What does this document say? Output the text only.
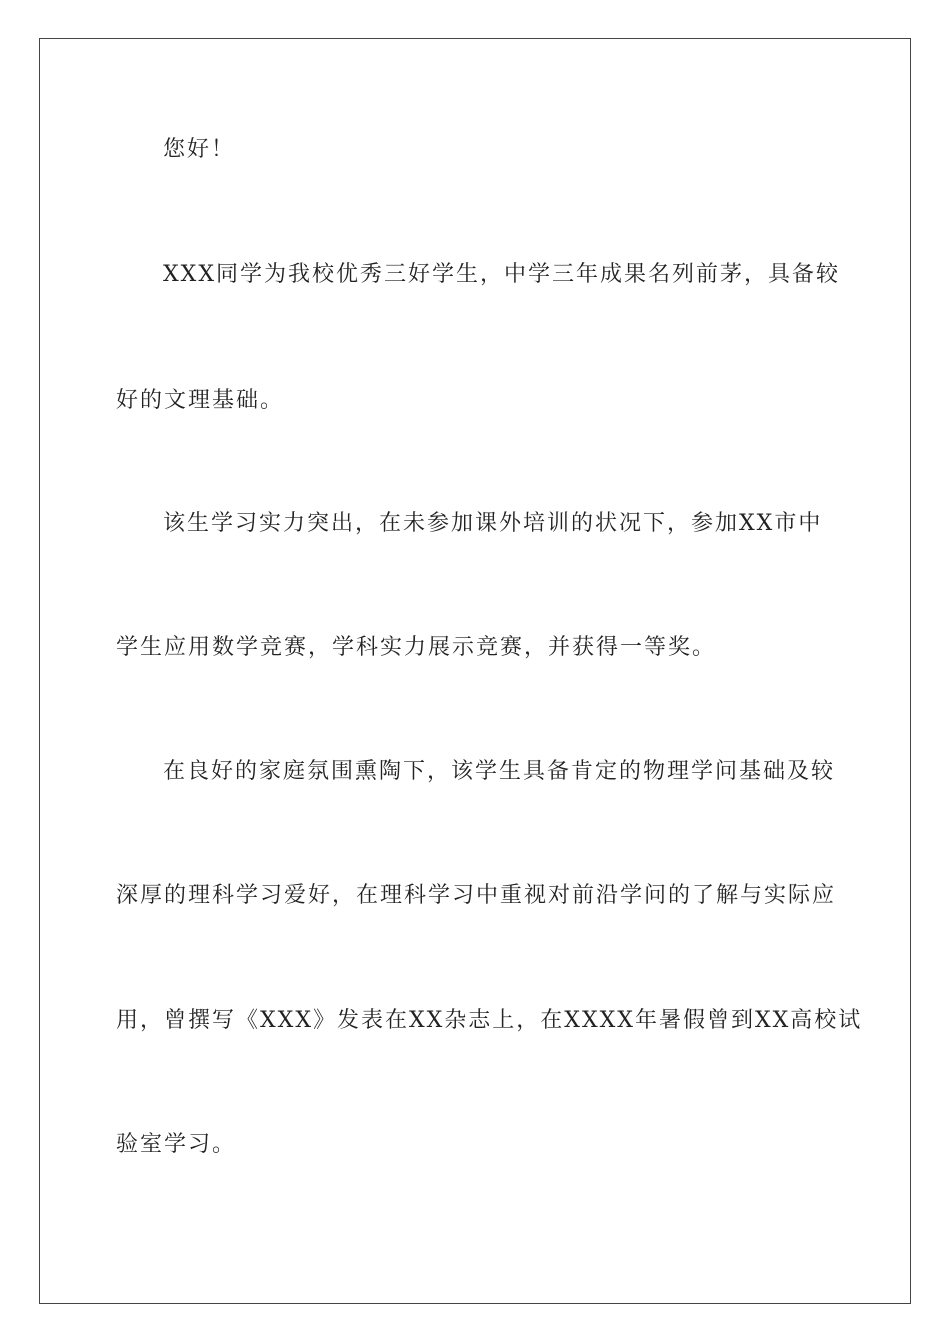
您好！
XXX同学为我校优秀三好学生，中学三年成果名列前茅，具备较
好的文理基础。
该生学习实力突出，在未参加课外培训的状况下，参加XX市中
学生应用数学竞赛，学科实力展示竞赛，并获得一等奖。
在良好的家庭氛围熏陶下，该学生具备肯定的物理学问基础及较
深厚的理科学习爱好，在理科学习中重视对前沿学问的了解与实际应
用，曾撰写《XXX》发表在XX杂志上，在XXXX年暑假曾到XX高校试
验室学习。
